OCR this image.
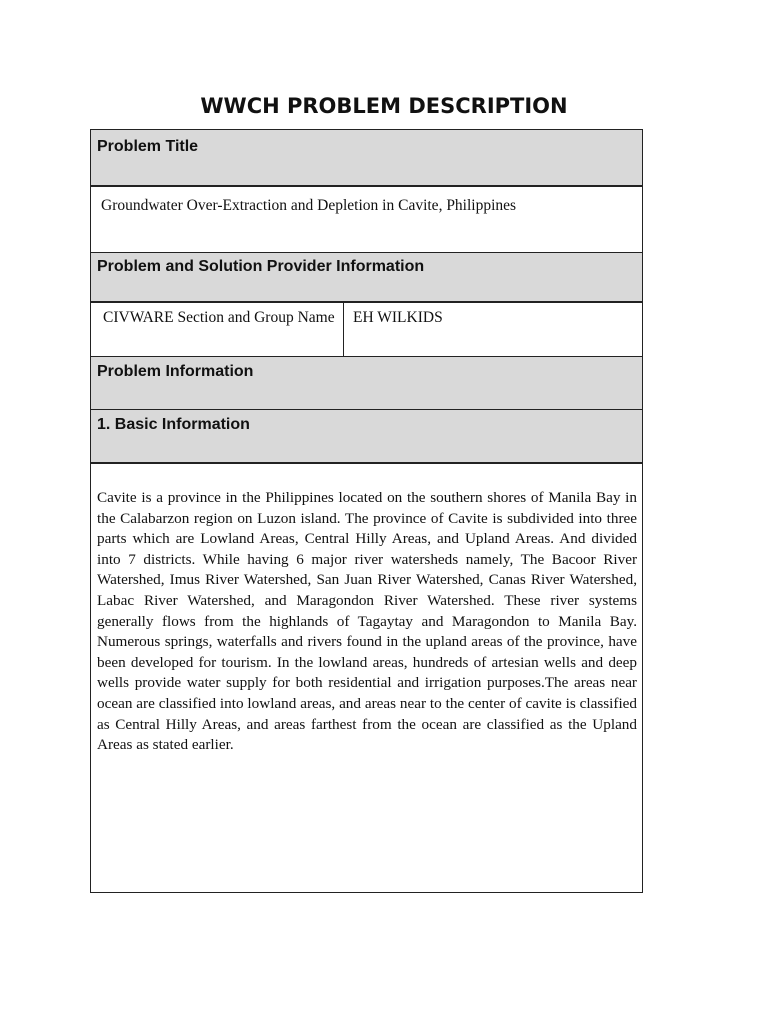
WWCH PROBLEM DESCRIPTION
Problem Title
Groundwater Over-Extraction and Depletion in Cavite, Philippines
Problem and Solution Provider Information
CIVWARE Section and Group Name EH WILKIDS
Problem Information
1. Basic Information
Cavite is a province in the Philippines located on the southern shores of Manila Bay in the Calabarzon region on Luzon island. The province of Cavite is subdivided into three parts which are Lowland Areas, Central Hilly Areas, and Upland Areas. And divided into 7 districts. While having 6 major river watersheds namely, The Bacoor River Watershed, Imus River Watershed, San Juan River Watershed, Canas River Watershed, Labac River Watershed, and Maragondon River Watershed. These river systems generally flows from the highlands of Tagaytay and Maragondon to Manila Bay. Numerous springs, waterfalls and rivers found in the upland areas of the province, have been developed for tourism. In the lowland areas, hundreds of artesian wells and deep wells provide water supply for both residential and irrigation purposes.The areas near ocean are classified into lowland areas, and areas near to the center of cavite is classified as Central Hilly Areas, and areas farthest from the ocean are classified as the Upland Areas as stated earlier.
